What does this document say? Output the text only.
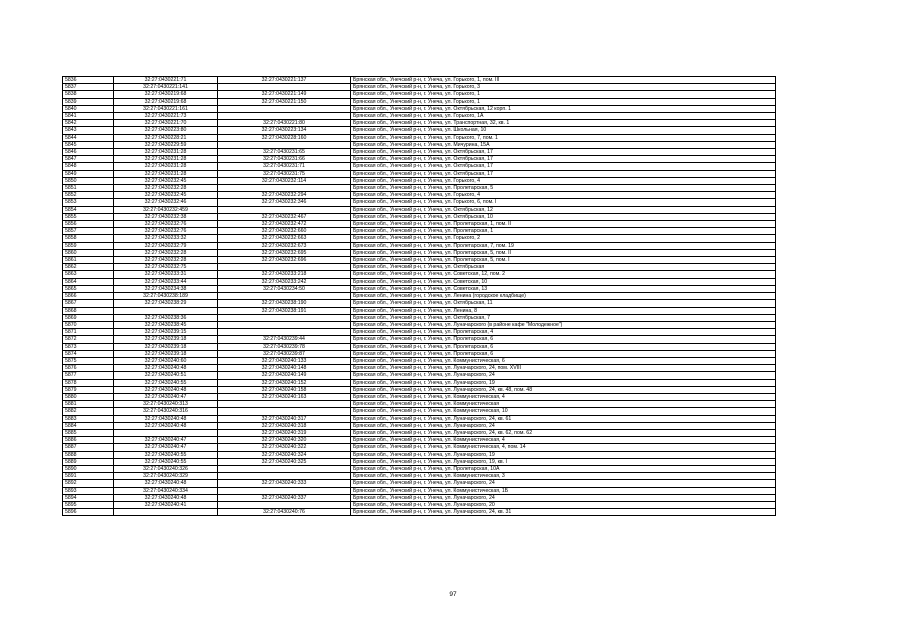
5836	32:27:0430221:71	32:27:0430221:137	Брянская обл., Унечский р-н, г. Унеча, ул. Горького, 1, пом. III
5837	32:27:0430221:141		Брянская обл., Унечский р-н, г. Унеча, ул. Горького, 3
5838	32:27:0430219:68	32:27:0430221:149	Брянская обл., Унечский р-н, г. Унеча, ул. Горького, 1
5839	32:27:0430219:68	32:27:0430221:150	Брянская обл., Унечский р-н, г. Унеча, ул. Горького, 1
5840	32:27:0430221:161		Брянская обл., Унечский р-н, г. Унеча, ул. Октябрьская, 12 корп. 1
5841	32:27:0430221:73		Брянская обл., Унечский р-н, г. Унеча, ул. Горького, 1А
5842	32:27:0430221:70	32:27:0430221:80	Брянская обл., Унечский р-н, г. Унеча, ул. Транспортная, 32, кв. 1
5843	32:27:0430223:80	32:27:0430223:134	Брянская обл., Унечский р-н, г. Унеча, ул. Школьная, 10
5844	32:27:0430228:21	32:27:0430228:160	Брянская обл., Унечский р-н, г. Унеча, ул. Горького, 7, пом. 1
5845	32:27:0430229:59		Брянская обл., Унечский р-н, г. Унеча, ул. Мичурина, 15А
5846	32:27:0430231:28	32:27:0430231:65	Брянская обл., Унечский р-н, г. Унеча, ул. Октябрьская, 17
5847	32:27:0430231:28	32:27:0430231:66	Брянская обл., Унечский р-н, г. Унеча, ул. Октябрьская, 17
5848	32:27:0430231:28	32:27:0430231:71	Брянская обл., Унечский р-н, г. Унеча, ул. Октябрьская, 17
5849	32:27:0430231:28	32:27:0430231:75	Брянская обл., Унечский р-н, г. Унеча, ул. Октябрьская, 17
5850	32:27:0430232:45	32:27:0430232:114	Брянская обл., Унечский р-н, г. Унеча, ул. Горького, 4
5851	32:27:0430232:28		Брянская обл., Унечский р-н, г. Унеча, ул. Пролетарская, 5
5852	32:27:0430232:45	32:27:0430232:294	Брянская обл., Унечский р-н, г. Унеча, ул. Горького, 4
5853	32:27:0430232:46	32:27:0430232:346	Брянская обл., Унечский р-н, г. Унеча, ул. Горького, 6, пом. I
5854	32:27:0430232:459		Брянская обл., Унечский р-н, г. Унеча, ул. Октябрьская, 12
5855	32:27:0430232:38	32:27:0430232:467	Брянская обл., Унечский р-н, г. Унеча, ул. Октябрьская, 10
5856	32:27:0430232:76	32:27:0430232:472	Брянская обл., Унечский р-н, г. Унеча, ул. Пролетарская, 1, пом. II
5857	32:27:0430232:76	32:27:0430232:660	Брянская обл., Унечский р-н, г. Унеча, ул. Пролетарская, 1
5858	32:27:0430233:32	32:27:0430232:663	Брянская обл., Унечский р-н, г. Унеча, ул. Горького, 2
5859	32:27:0430232:79	32:27:0430232:673	Брянская обл., Унечский р-н, г. Унеча, ул. Пролетарская, 7, пом. 19
5860	32:27:0430232:28	32:27:0430232:695	Брянская обл., Унечский р-н, г. Унеча, ул. Пролетарская, 5, пом. II
5861	32:27:0430232:28	32:27:0430232:696	Брянская обл., Унечский р-н, г. Унеча, ул. Пролетарская, 5, пом. I
5862	32:27:0430232:75		Брянская обл., Унечский р-н, г. Унеча, ул. Октябрьская
5863	32:27:0430233:31	32:27:0430233:218	Брянская обл., Унечский р-н, г. Унеча, ул. Советская, 12, пом. 2
5864	32:27:0430233:44	32:27:0430233:242	Брянская обл., Унечский р-н, г. Унеча, ул. Советская, 10
5865	32:27:0430234:38	32:27:0430234:50	Брянская обл., Унечский р-н, г. Унеча, ул. Советская, 13
5866	32:27:0430238:189		Брянская обл., Унечский р-н, г. Унеча, ул. Ленина (городское кладбище)
5867	32:27:0430238:29	32:27:0430238:190	Брянская обл., Унечский р-н, г. Унеча, ул. Октябрьская, 11
5868		32:27:0430238:191	Брянская обл., Унечский р-н, г. Унеча, ул. Ленина, 8
5869	32:27:0430238:36		Брянская обл., Унечский р-н, г. Унеча, ул. Октябрьская, 7
5870	32:27:0430238:45		Брянская обл., Унечский р-н, г. Унеча, ул. Луначарского (в районе кафе "Молодежное")
5871	32:27:0430239:15		Брянская обл., Унечский р-н, г. Унеча, ул. Пролетарская, 4
5872	32:27:0430239:18	32:27:0430239:44	Брянская обл., Унечский р-н, г. Унеча, ул. Пролетарская, 6
5873	32:27:0430239:18	32:27:0430239:78	Брянская обл., Унечский р-н, г. Унеча, ул. Пролетарская, 6
5874	32:27:0430239:18	32:27:0430239:87	Брянская обл., Унечский р-н, г. Унеча, ул. Пролетарская, 6
5875	32:27:0430240:60	32:27:0430240:133	Брянская обл., Унечский р-н, г. Унеча, ул. Коммунистическая, 6
5876	32:27:0430240:48	32:27:0430240:148	Брянская обл., Унечский р-н, г. Унеча, ул. Луначарского, 24, пом. XVIII
5877	32:27:0430240:51	32:27:0430240:149	Брянская обл., Унечский р-н, г. Унеча, ул. Луначарского, 24
5878	32:27:0430240:55	32:27:0430240:152	Брянская обл., Унечский р-н, г. Унеча, ул. Луначарского, 19
5879	32:27:0430240:48	32:27:0430240:158	Брянская обл., Унечский р-н, г. Унеча, ул. Луначарского, 24, кв. 48, пом. 48
5880	32:27:0430240:47	32:27:0430240:163	Брянская обл., Унечский р-н, г. Унеча, ул. Коммунистическая, 4
5881	32:27:0430240:313		Брянская обл., Унечский р-н, г. Унеча, ул. Коммунистическая
5882	32:27:0430240:316		Брянская обл., Унечский р-н, г. Унеча, ул. Коммунистическая, 10
5883	32:27:0430240:48	32:27:0430240:317	Брянская обл., Унечский р-н, г. Унеча, ул. Луначарского, 24, кв. 61
5884	32:27:0430240:48	32:27:0430240:318	Брянская обл., Унечский р-н, г. Унеча, ул. Луначарского, 24
5885		32:27:0430240:319	Брянская обл., Унечский р-н, г. Унеча, ул. Луначарского, 24, кв. 62, пом. 62
5886	32:27:0430240:47	32:27:0430240:320	Брянская обл., Унечский р-н, г. Унеча, ул. Коммунистическая, 4
5887	32:27:0430240:47	32:27:0430240:322	Брянская обл., Унечский р-н, г. Унеча, ул. Коммунистическая, 4, пом. 14
5888	32:27:0430240:55	32:27:0430240:324	Брянская обл., Унечский р-н, г. Унеча, ул. Луначарского, 19
5889	32:27:0430240:55	32:27:0430240:325	Брянская обл., Унечский р-н, г. Унеча, ул. Луначарского, 19, кв. I
5890	32:27:0430240:326		Брянская обл., Унечский р-н, г. Унеча, ул. Пролетарская, 10А
5891	32:27:0430240:329		Брянская обл., Унечский р-н, г. Унеча, ул. Коммунистическая, 3
5892	32:27:0430240:48	32:27:0430240:333	Брянская обл., Унечский р-н, г. Унеча, ул. Луначарского, 24
5893	32:27:0430240:334		Брянская обл., Унечский р-н, г. Унеча, ул. Коммунистическая, 1Б
5894	32:27:0430240:48	32:27:0430240:337	Брянская обл., Унечский р-н, г. Унеча, ул. Луначарского, 24
5895	32:27:0430240:41		Брянская обл., Унечский р-н, г. Унеча, ул. Луначарского, 20
5896		32:27:0430240:76	Брянская обл., Унечский р-н, г. Унеча, ул. Луначарского, 24, кв. 31
97
